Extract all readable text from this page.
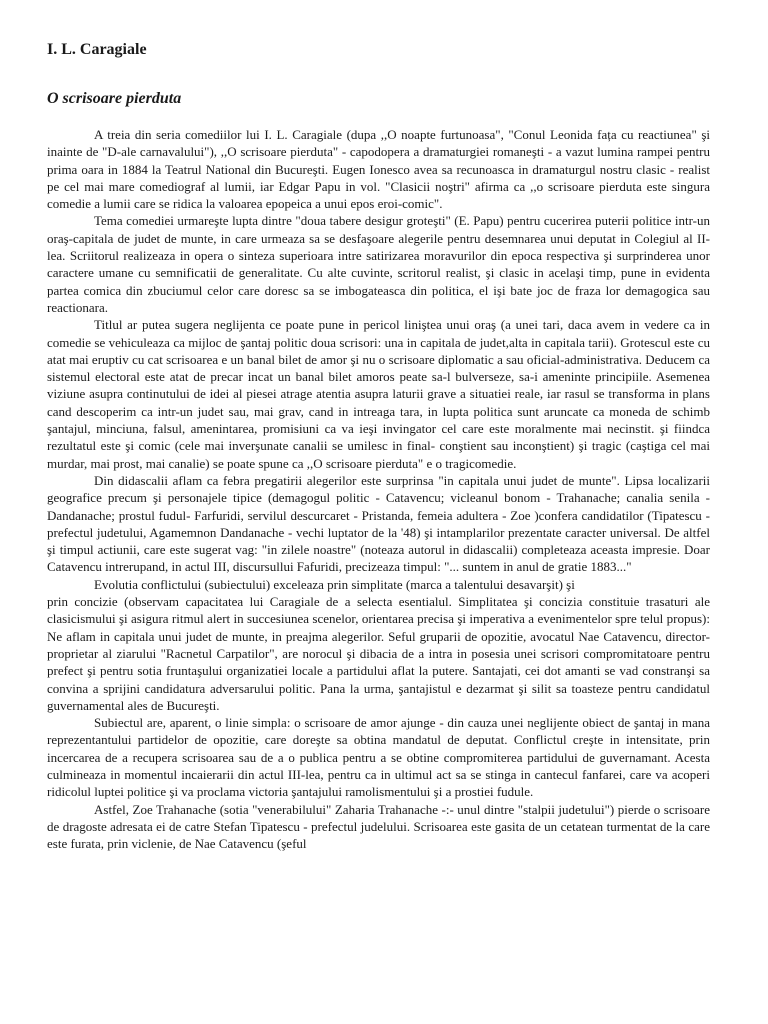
I. L. Caragiale
O scrisoare pierduta

A treia din seria comediilor lui I. L. Caragiale (dupa ,,O noapte furtunoasa", "Conul Leonida fața cu reactiunea" şi inainte de "D-ale carnavalului"), ,,O scrisoare pierduta" - capodopera a dramaturgiei romaneşti - a vazut lumina rampei pentru prima oara in 1884 la Teatrul National din Bucureşti. Eugen Ionesco avea sa recunoasca in dramaturgul nostru clasic - realist pe cel mai mare comediograf al lumii, iar Edgar Papu in vol. "Clasicii noştri" afirma ca ,,o scrisoare pierduta este singura comedie a lumii care se ridica la valoarea epopeica a unui epos eroi-comic".

Tema comediei urmareşte lupta dintre "doua tabere desigur groteşti" (E. Papu) pentru cucerirea puterii politice intr-un oraş-capitala de judet de munte, in care urmeaza sa se desfaşoare alegerile pentru desemnarea unui deputat in Colegiul al II-lea. Scriitorul realizeaza in opera o sinteza superioara intre satirizarea moravurilor din epoca respectiva şi surprinderea unor caractere umane cu semnificatii de generalitate. Cu alte cuvinte, scritorul realist, şi clasic in acelaşi timp, pune in evidenta partea comica din zbuciumul celor care doresc sa se imbogateasca din politica, el işi bate joc de fraza lor demagogica sau reactionara.

Titlul ar putea sugera neglijenta ce poate pune in pericol liniştea unui oraş (a unei tari, daca avem in vedere ca in comedie se vehiculeaza ca mijloc de şantaj politic doua scrisori: una in capitala de judet,alta in capitala tarii). Grotescul este cu atat mai eruptiv cu cat scrisoarea e un banal bilet de amor şi nu o scrisoare diplomatic a sau oficial-administrativa. Deducem ca sistemul electoral este atat de precar incat un banal bilet amoros peate sa-l bulverseze, sa-i ameninte principiile. Asemenea viziune asupra continutului de idei al piesei atrage atentia asupra laturii grave a situatiei reale, iar rasul se transforma in plans cand descoperim ca intr-un judet sau, mai grav, cand in intreaga tara, in lupta politica sunt aruncate ca moneda de schimb şantajul, minciuna, falsul, amenintarea, promisiuni ca va ieşi invingator cel care este moralmente mai necinstit. şi fiindca rezultatul este şi comic (cele mai inverşunate canalii se umilesc in final- conştient sau inconştient) şi tragic (caştiga cel mai murdar, mai prost, mai canalie) se poate spune ca ,,O scrisoare pierduta" e o tragicomedie.

Din didascalii aflam ca febra pregatirii alegerilor este surprinsa "in capitala unui judet de munte". Lipsa localizarii geografice precum şi personajele tipice (demagogul politic - Catavencu; vicleanul bonom - Trahanache; canalia senila - Dandanache; prostul fudul- Farfuridi, servilul descurcaret - Pristanda, femeia adultera - Zoe )confera candidatilor (Tipatescu - prefectul judetului, Agamemnon Dandanache - vechi luptator de la '48) şi intamplarilor prezentate caracter universal. De altfel şi timpul actiunii, care este sugerat vag: "in zilele noastre" (noteaza autorul in didascalii) completeaza aceasta impresie. Doar Catavencu intrerupand, in actul III, discursullui Fafuridi, precizeaza timpul: "... suntem in anul de gratie 1883..."

Evolutia conflictului (subiectului) exceleaza prin simplitate (marca a talentului desavarşit) şi

prin concizie (observam capacitatea lui Caragiale de a selecta esentialul. Simplitatea şi concizia constituie trasaturi ale clasicismului şi asigura ritmul alert in succesiunea scenelor, orientarea precisa şi imperativa a evenimentelor spre telul propus): Ne aflam in capitala unui judet de munte, in preajma alegerilor. Seful gruparii de opozitie, avocatul Nae Catavencu, director-proprietar al ziarului "Racnetul Carpatilor", are norocul şi dibacia de a intra in posesia unei scrisori compromitatoare pentru prefect şi pentru sotia fruntaşului organizatiei locale a partidului aflat la putere. Santajati, cei dot amanti se vad constranşi sa convina a sprijini candidatura adversarului politic. Pana la urma, şantajistul e dezarmat şi silit sa toasteze pentru candidatul guvernamental ales de Bucureşti.

Subiectul are, aparent, o linie simpla: o scrisoare de amor ajunge - din cauza unei neglijente obiect de şantaj in mana reprezentantului partidelor de opozitie, care doreşte sa obtina mandatul de deputat. Conflictul creşte in intensitate, prin incercarea de a recupera scrisoarea sau de a o publica pentru a se obtine compromiterea partidului de guvernamant. Acesta culmineaza in momentul incaierarii din actul III-lea, pentru ca in ultimul act sa se stinga in cantecul fanfarei, care va acoperi ridicolul luptei politice şi va proclama victoria şantajului ramolismentului şi a prostiei fudule.

Astfel, Zoe Trahanache (sotia "venerabilului" Zaharia Trahanache -:- unul dintre "stalpii judetului") pierde o scrisoare de dragoste adresata ei de catre Stefan Tipatescu - prefectul judelului. Scrisoarea este gasita de un cetatean turmentat de la care este furata, prin viclenie, de Nae Catavencu (şeful
